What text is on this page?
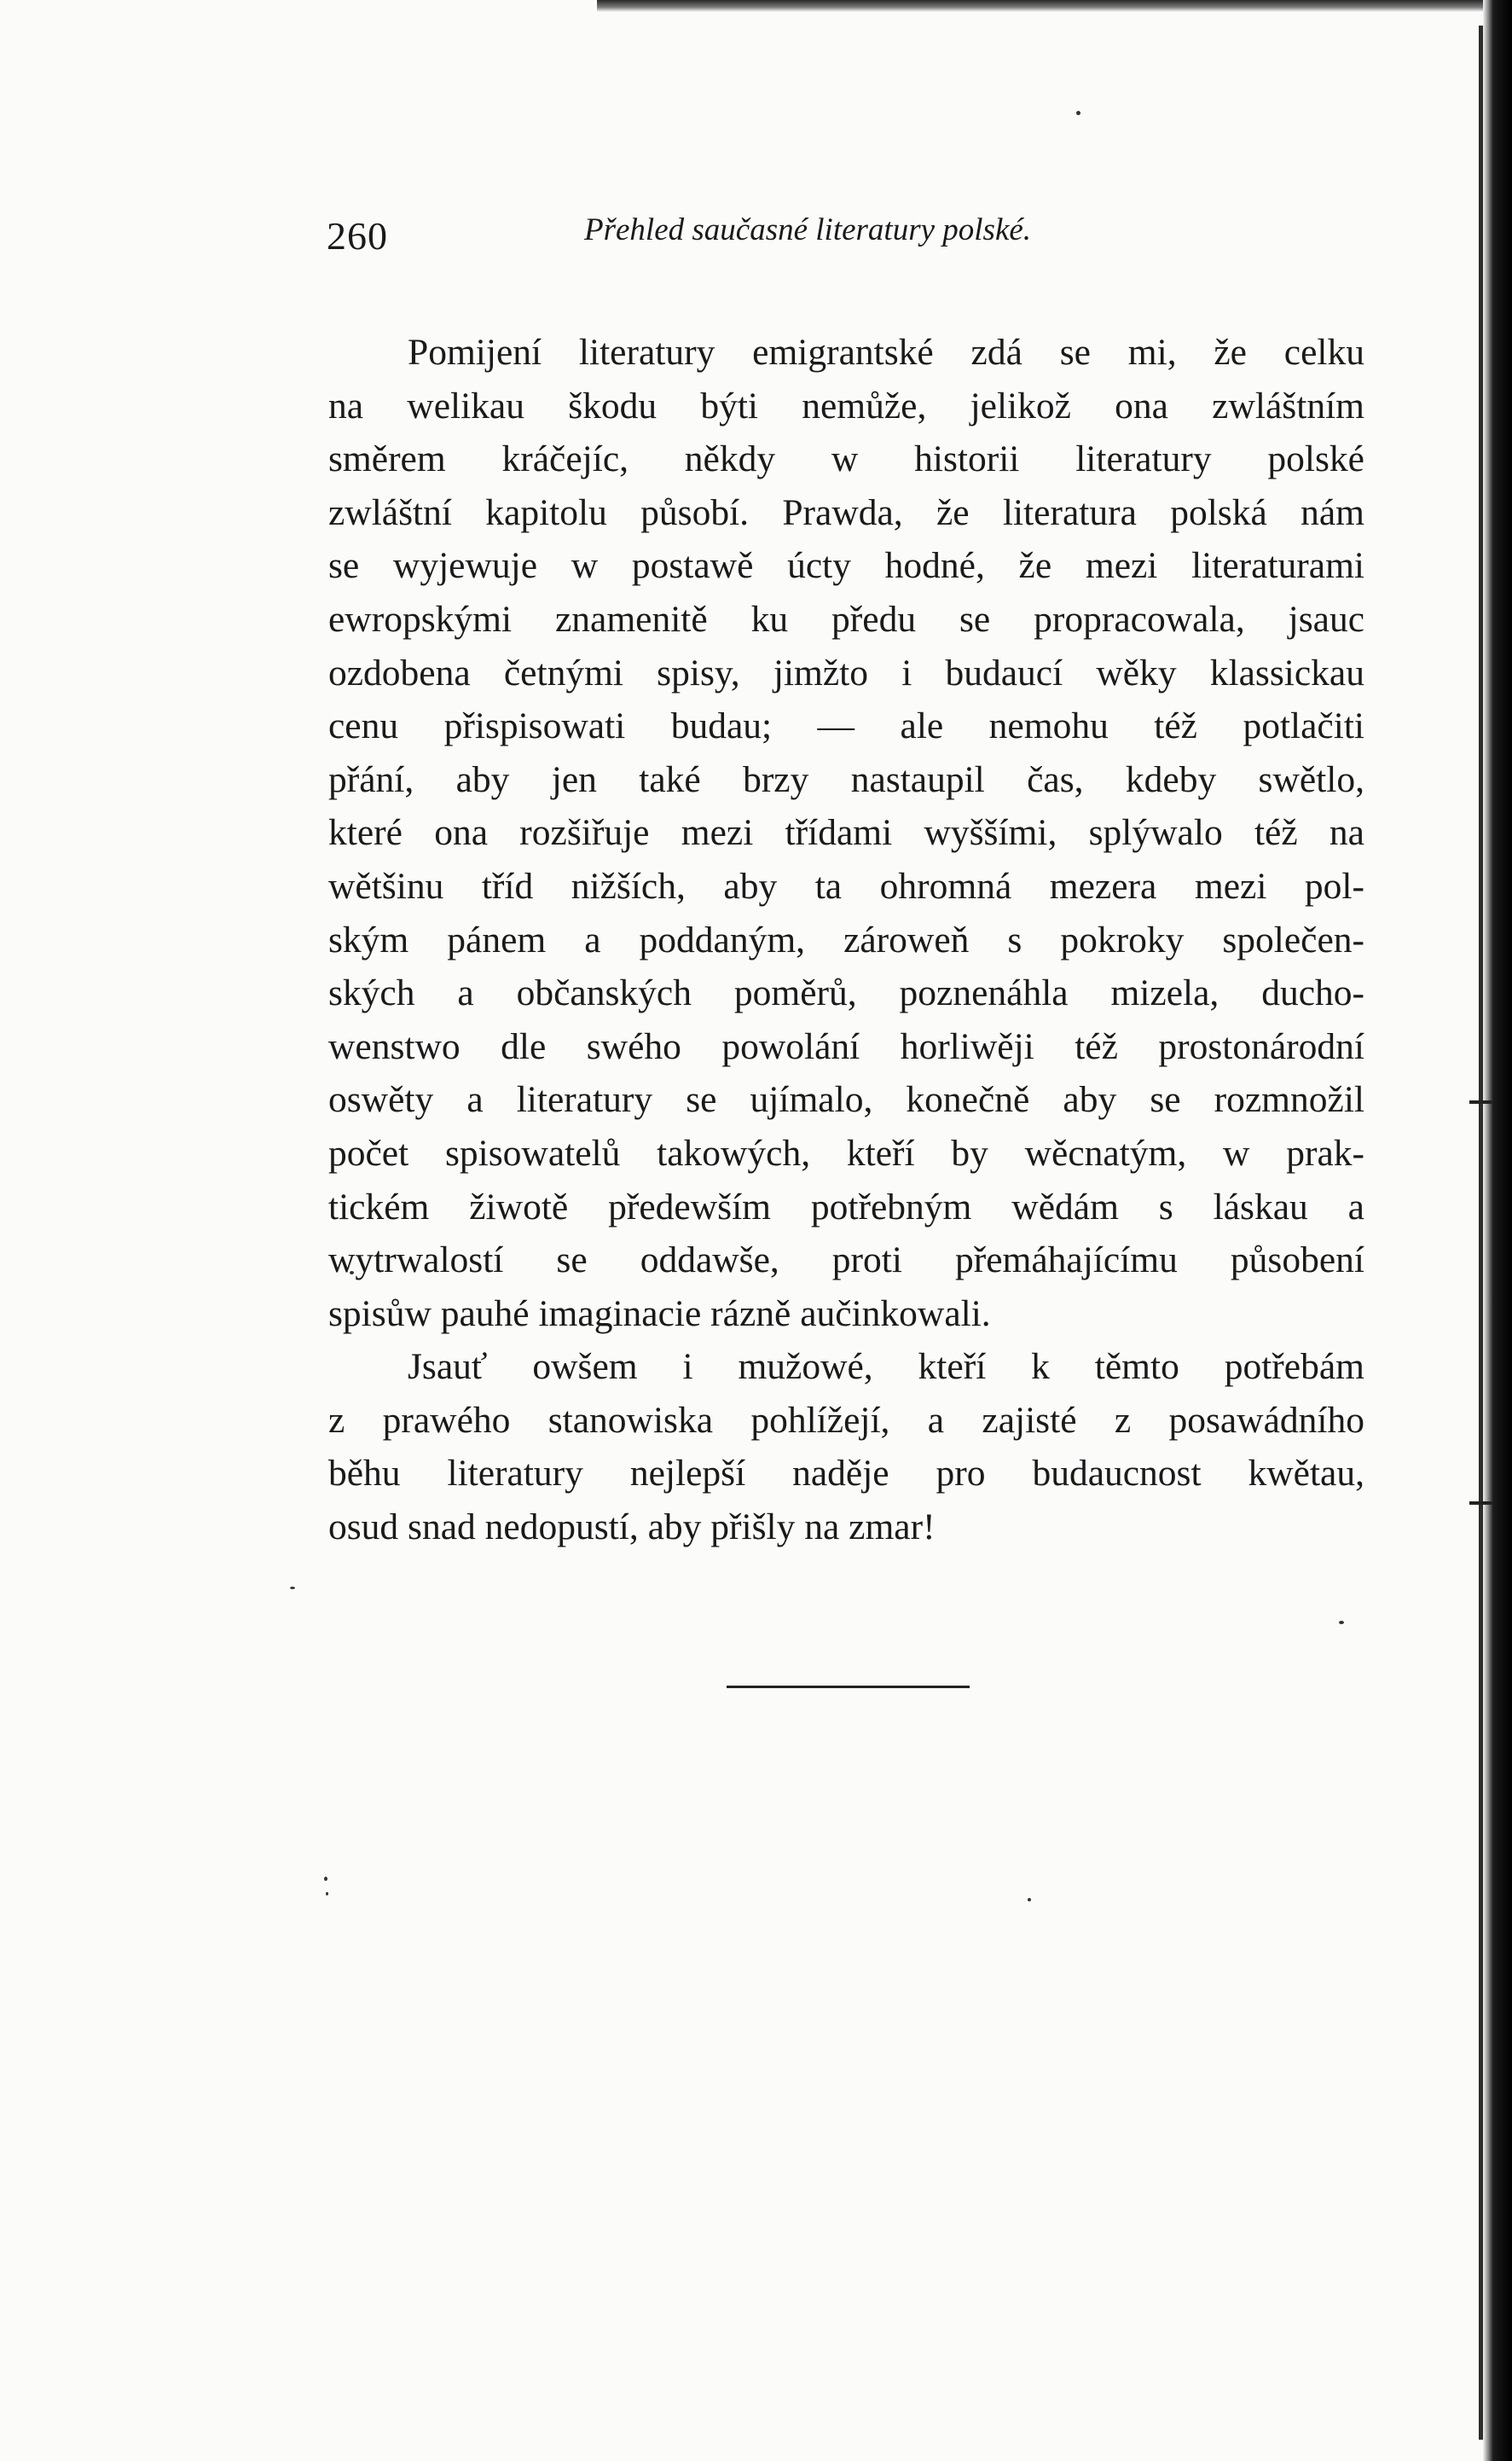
260	Přehled saučasné literatury polské.
Pomijení literatury emigrantské zdá se mi, že celku
na welikau škodu býti nemůže, jelikož ona zwláštním
směrem kráčejíc, někdy w historii literatury polské
zwláštní kapitolu působí. Prawda, že literatura polská nám
se wyjewuje w postawě úcty hodné, že mezi literaturami
ewropskými znamenitě ku předu se propracowala, jsauc
ozdobena četnými spisy, jimžto i budaucí wěky klassickau
cenu přispisowati budau; — ale nemohu též potlačiti
přání, aby jen také brzy nastaupil čas, kdeby swětlo,
které ona rozšiřuje mezi třídami wyššími, splýwalo též na
wětšinu tříd nižších, aby ta ohromná mezera mezi pol-
ským pánem a poddaným, zároweň s pokroky společen-
ských a občanských poměrů, poznenáhla mizela, ducho-
wenstwo dle swého powolání horliwěji též prostonárodní
oswěty a literatury se ujímalo, konečně aby se rozmnožil
počet spisowatelů takowých, kteří by wěcnatým, w prak-
tickém žiwotě předewším potřebným wědám s láskau a
wytrwalostí se oddawše, proti přemáhajícímu působení
spisůw pauhé imaginacie rázně aučinkowali.
Jsauť owšem i mužowé, kteří k těmto potřebám
z prawého stanowiska pohlížejí, a zajisté z posawádního
běhu literatury nejlepší naděje pro budaucnost kwětau,
osud snad nedopustí, aby přišly na zmar!
